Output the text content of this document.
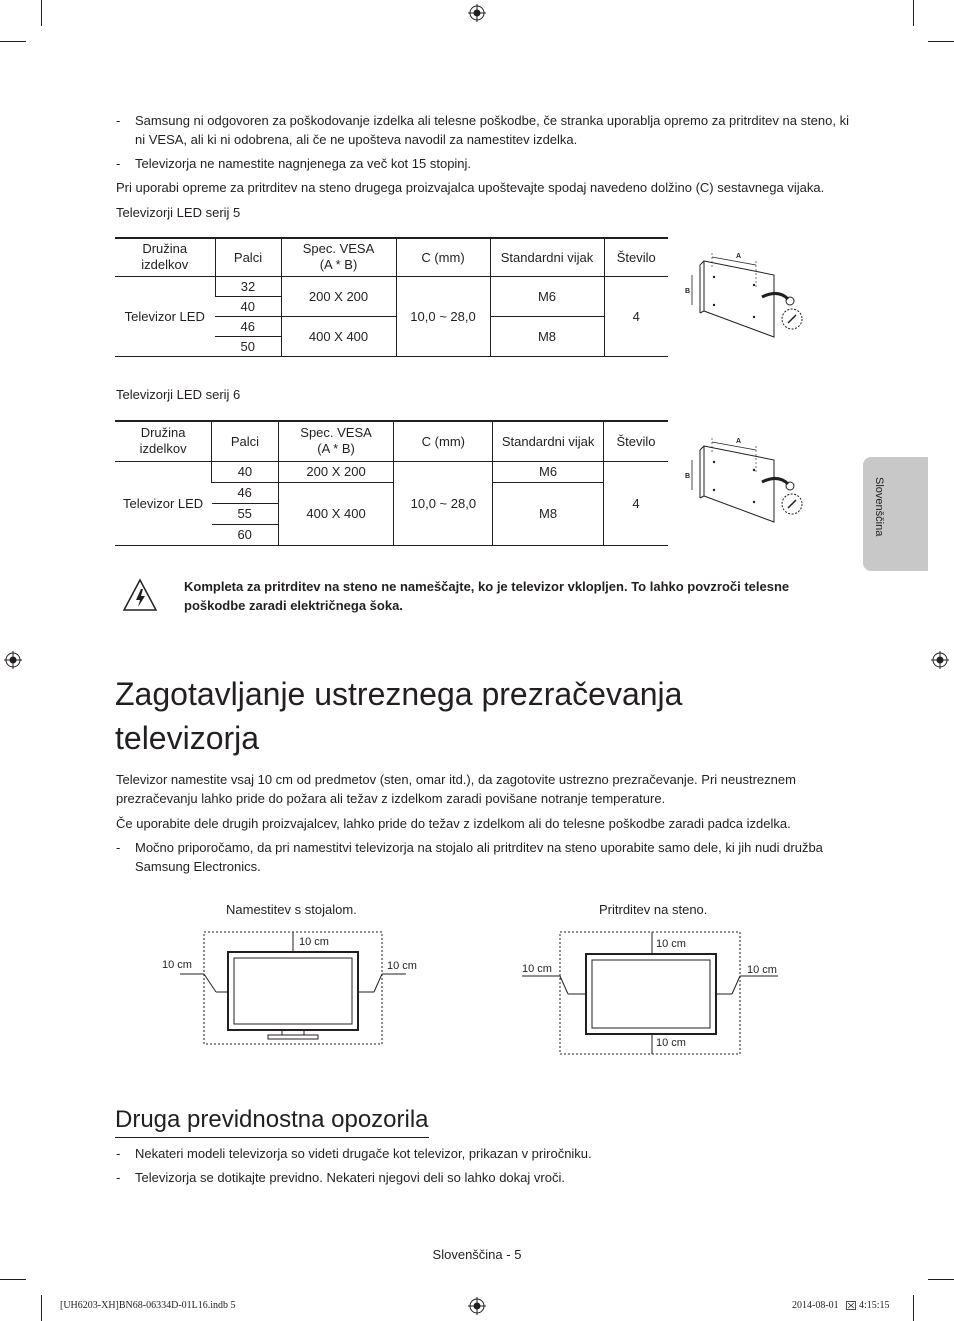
- Samsung ni odgovoren za poškodovanje izdelka ali telesne poškodbe, če stranka uporablja opremo za pritrditev na steno, ki ni VESA, ali ki ni odobrena, ali če ne upošteva navodil za namestitev izdelka.
- Televizorja ne namestite nagnjenega za več kot 15 stopinj.
Pri uporabi opreme za pritrditev na steno drugega proizvajalca upoštevajte spodaj navedeno dolžino (C) sestavnega vijaka.
Televizorji LED serij 5
Družina izdelkov	Palci	Spec. VESA (A * B)	C (mm)	Standardni vijak	Število
Televizor LED	32	200 X 200	10,0 ~ 28,0	M6	4
	40				
	46	400 X 400		M8	
	50				
A
B
Televizorji LED serij 6
Družina izdelkov	Palci	Spec. VESA (A * B)	C (mm)	Standardni vijak	Število
Televizor LED	40	200 X 200	10,0 ~ 28,0	M6	4
	46	400 X 400		M8	
	55				
	60				
A
B
Slovenščina
Kompleta za pritrditev na steno ne nameščajte, ko je televizor vklopljen. To lahko povzroči telesne poškodbe zaradi električnega šoka.
Zagotavljanje ustreznega prezračevanja televizorja
Televizor namestite vsaj 10 cm od predmetov (sten, omar itd.), da zagotovite ustrezno prezračevanje. Pri neustreznem prezračevanju lahko pride do požara ali težav z izdelkom zaradi povišane notranje temperature.
Če uporabite dele drugih proizvajalcev, lahko pride do težav z izdelkom ali do telesne poškodbe zaradi padca izdelka.
- Močno priporočamo, da pri namestitvi televizorja na stojalo ali pritrditev na steno uporabite samo dele, ki jih nudi družba Samsung Electronics.
Namestitev s stojalom.	Pritrditev na steno.
10 cm
10 cm	10 cm
10 cm
10 cm	10 cm
10 cm
Druga previdnostna opozorila
- Nekateri modeli televizorja so videti drugače kot televizor, prikazan v priročniku.
- Televizorja se dotikajte previdno. Nekateri njegovi deli so lahko dokaj vroči.
Slovenščina - 5
[UH6203-XH]BN68-06334D-01L16.indb 5	2014-08-01 4:15:15
